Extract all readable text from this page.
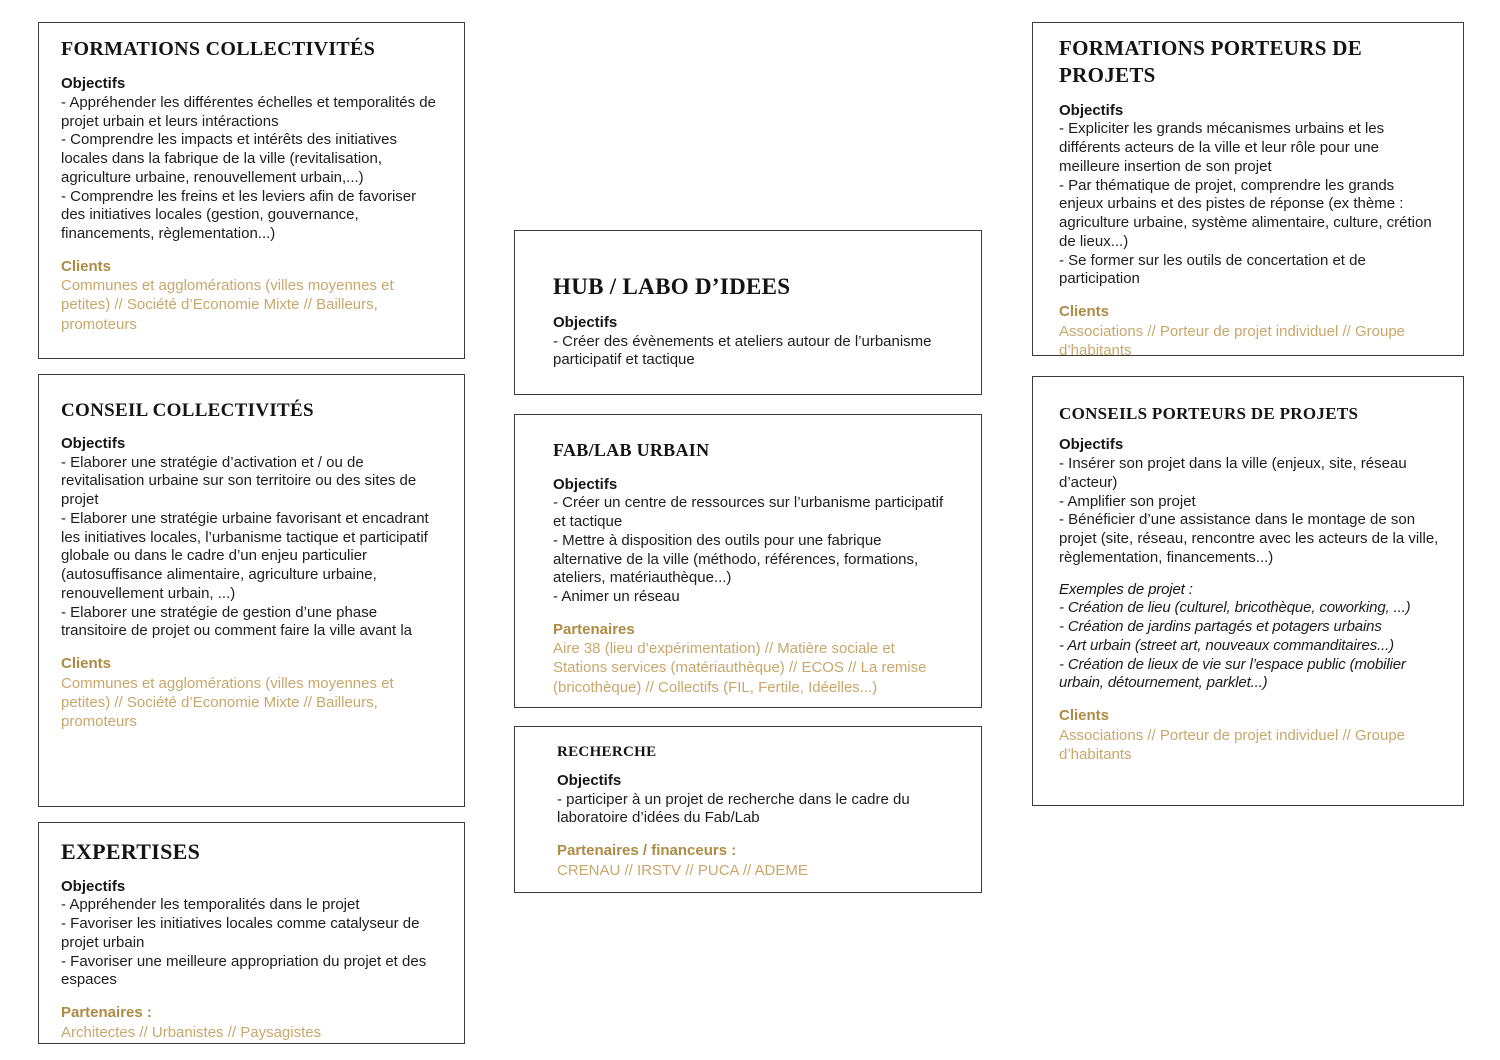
FORMATIONS COLLECTIVITÉS
Objectifs
- Appréhender les différentes échelles et temporalités de projet urbain et leurs intéractions
- Comprendre les impacts et intérêts des initiatives locales dans la fabrique de la ville (revitalisation, agriculture urbaine, renouvellement urbain,...)
- Comprendre les freins et les leviers afin de favoriser des initiatives locales (gestion, gouvernance, financements, règlementation...)
Clients
Communes et agglomérations (villes moyennes et petites) // Société d’Economie Mixte // Bailleurs, promoteurs
CONSEIL COLLECTIVITÉS
Objectifs
- Elaborer une stratégie d’activation et / ou de revitalisation urbaine sur son territoire ou des sites de projet
- Elaborer une stratégie urbaine favorisant et encadrant les initiatives locales, l’urbanisme tactique et participatif globale ou dans le cadre d’un enjeu particulier (autosuffisance alimentaire, agriculture urbaine, renouvellement urbain, ...)
- Elaborer une stratégie de gestion d’une phase transitoire de projet ou comment faire la ville avant la
Clients
Communes et agglomérations (villes moyennes et petites) // Société d’Economie Mixte // Bailleurs, promoteurs
EXPERTISES
Objectifs
- Appréhender les temporalités dans le projet
- Favoriser les initiatives locales comme catalyseur de projet urbain
- Favoriser une meilleure appropriation du projet et des espaces
Partenaires :
Architectes // Urbanistes // Paysagistes
HUB / LABO D’IDEES
Objectifs
- Créer des évènements et ateliers autour de l’urbanisme participatif et tactique
FAB/LAB URBAIN
Objectifs
- Créer un centre de ressources sur l’urbanisme participatif et tactique
- Mettre à disposition des outils pour une fabrique alternative de la ville (méthodo, références, formations, ateliers, matériauthèque...)
- Animer un réseau
Partenaires
Aire 38 (lieu d’expérimentation) // Matière sociale et Stations services (matériauthèque) // ECOS // La remise (bricothèque) // Collectifs (FIL, Fertile, Idéelles...)
RECHERCHE
Objectifs
- participer à un projet de recherche dans le cadre du laboratoire d’idées du Fab/Lab
Partenaires / financeurs :
CRENAU // IRSTV // PUCA // ADEME
FORMATIONS PORTEURS DE PROJETS
Objectifs
- Expliciter les grands mécanismes urbains et les différents acteurs de la ville et leur rôle pour une meilleure insertion de son projet
- Par thématique de projet, comprendre les grands enjeux urbains et des pistes de réponse (ex thème : agriculture urbaine, système alimentaire, culture, crétion de lieux...)
- Se former sur les outils de concertation et de participation
Clients
Associations // Porteur de projet individuel // Groupe d’habitants
CONSEILS PORTEURS DE PROJETS
Objectifs
- Insérer son projet dans la ville (enjeux, site, réseau d’acteur)
- Amplifier son projet
- Bénéficier d’une assistance dans le montage de son projet (site, réseau, rencontre avec les acteurs de la ville, règlementation, financements...)
Exemples de projet :
- Création de lieu (culturel, bricothèque, coworking, ...)
- Création de jardins partagés et potagers urbains
- Art urbain (street art, nouveaux commanditaires...)
- Création de lieux de vie sur l’espace public (mobilier urbain, détournement, parklet...)
Clients
Associations // Porteur de projet individuel // Groupe d’habitants
